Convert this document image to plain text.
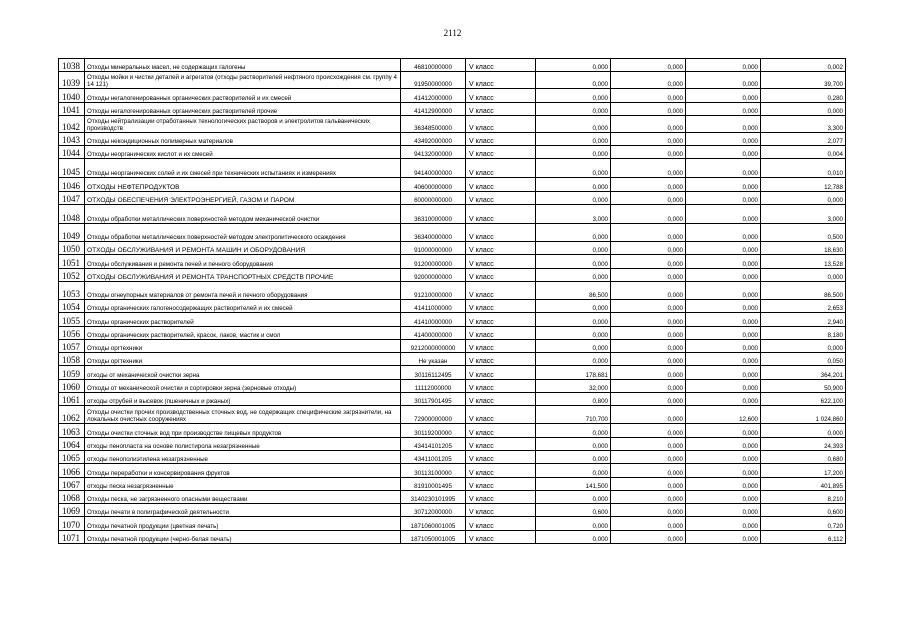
2112
1038	Отходы минеральных масел, не содержащих галогены	46810000000	V класс	0,000	0,000	0,000	0,002
1039	Отходы мойки и чистки деталей и агрегатов (отходы растворителей нефтяного происхождения см. группу 4 14 121)	91950000000	V класс	0,000	0,000	0,000	39,700
1040	Отходы негалогенированных органических растворителей и их смесей	41412000000	V класс	0,000	0,000	0,000	0,280
1041	Отходы негалогенированных органических растворителей прочие	41412900000	V класс	0,000	0,000	0,000	0,000
1042	Отходы нейтрализации отработанных технологических растворов и электролитов гальванических производств	36348500000	V класс	0,000	0,000	0,000	3,300
1043	Отходы некондиционных полимерных материалов	43492000000	V класс	0,000	0,000	0,000	2,077
1044	Отходы неорганических кислот и их смесей	94132000000	V класс	0,000	0,000	0,000	0,004
1045	Отходы неорганических солей и их смесей при технических испытаниях и измерениях	94140000000	V класс	0,000	0,000	0,000	0,010
1046	ОТХОДЫ НЕФТЕПРОДУКТОВ	40600000000	V класс	0,000	0,000	0,000	12,788
1047	ОТХОДЫ ОБЕСПЕЧЕНИЯ ЭЛЕКТРОЭНЕРГИЕЙ, ГАЗОМ И ПАРОМ	60000000000	V класс	0,000	0,000	0,000	0,000
1048	Отходы обработки металлических поверхностей методом механической очистки	36310000000	V класс	3,000	0,000	0,000	3,000
1049	Отходы обработки металлических поверхностей методом электролитического осаждения	36340000000	V класс	0,000	0,000	0,000	0,500
1050	ОТХОДЫ ОБСЛУЖИВАНИЯ И РЕМОНТА МАШИН И ОБОРУДОВАНИЯ	91000000000	V класс	0,000	0,000	0,000	18,630
1051	Отходы обслуживания и ремонта печей и печного оборудования	91200000000	V класс	0,000	0,000	0,000	13,528
1052	ОТХОДЫ ОБСЛУЖИВАНИЯ И РЕМОНТА ТРАНСПОРТНЫХ СРЕДСТВ ПРОЧИЕ	92000000000	V класс	0,000	0,000	0,000	0,000
1053	Отходы огнеупорных материалов от ремонта печей и печного оборудования	91210000000	V класс	86,500	0,000	0,000	86,500
1054	Отходы органических галогеносодержащих растворителей и их смесей	41411000000	V класс	0,000	0,000	0,000	2,653
1055	Отходы органических растворителей	41410000000	V класс	0,000	0,000	0,000	2,940
1056	Отходы органических растворителей, красок, лаков, мастик и смол	41400000000	V класс	0,000	0,000	0,000	8,180
1057	Отходы оргтехники	9212000000000	V класс	0,000	0,000	0,000	0,000
1058	Отходы оргтехники	Не указан	V класс	0,000	0,000	0,000	0,050
1059	отходы от механической очистки зерна	30116112495	V класс	178,681	0,000	0,000	364,201
1060	Отходы от механической очистки и сортировки зерна (зерновые отходы)	11112000000	V класс	32,000	0,000	0,000	50,900
1061	отходы отрубей и высевок (пшеничных и ржаных)	30117901495	V класс	0,800	0,000	0,000	622,100
1062	Отходы очистки прочих производственных сточных вод, не содержащих специфические загрязнители, на локальных очистных сооружениях	72900000000	V класс	710,700	0,000	12,600	1 024,860
1063	Отходы очистки сточных вод при производстве пищевых продуктов	30119200000	V класс	0,000	0,000	0,000	0,000
1064	отходы пенопласта на основе полистирола незагрязненные	43414101205	V класс	0,000	0,000	0,000	24,393
1065	отходы пенополиэтилена незагрязненные	43411001205	V класс	0,000	0,000	0,000	0,680
1066	Отходы переработки и консервирования фруктов	30113100000	V класс	0,000	0,000	0,000	17,200
1067	отходы песка незагрязненные	81910001495	V класс	141,500	0,000	0,000	401,895
1068	Отходы песка, не загрязненного опасными веществами	3140230101995	V класс	0,000	0,000	0,000	8,210
1069	Отходы печати в полиграфической деятельности	30712000000	V класс	0,600	0,000	0,000	0,600
1070	Отходы печатной продукции (цветная печать)	1871060001005	V класс	0,000	0,000	0,000	0,720
1071	Отходы печатной продукции (черно-белая печать)	1871050001005	V класс	0,000	0,000	0,000	6,112
